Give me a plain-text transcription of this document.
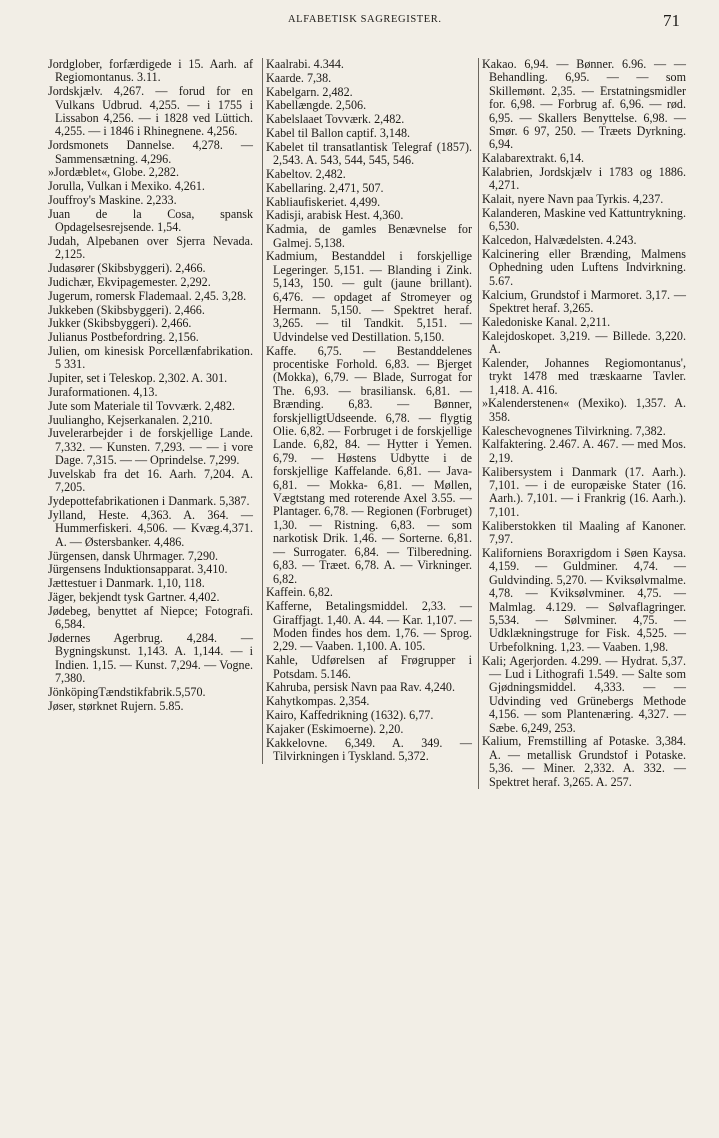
ALFABETISK SAGREGISTER.	71

Jordglober, forfærdigede i 15. Aarh. af Regiomontanus. 3.11.

Jordskjælv. 4,267. — forud for en Vulkans Udbrud. 4,255. — i 1755 i Lissabon 4,256. — i 1828 ved Lüttich. 4,255. — i 1846 i Rhinegnene. 4,256.

Jordsmonets Dannelse. 4,278. — Sammensætning. 4,296.

»Jordæblet«, Globe. 2,282.

Jorulla, Vulkan i Mexiko. 4,261.

Jouffroy's Maskine. 2,233.

Juan de la Cosa, spansk Opdagelsesrejsende. 1,54.

Judah, Alpebanen over Sjerra Nevada. 2,125.

Judasører (Skibsbyggeri). 2,466.

Judichær, Ekvipagemester. 2,292.

Jugerum, romersk Flademaal. 2,45. 3,28.

Jukkeben (Skibsbyggeri). 2,466.

Jukker (Skibsbyggeri). 2,466.

Julianus Postbefordring. 2,156.

Julien, om kinesisk Porcellænfabrikation. 5 331.

Jupiter, set i Teleskop. 2,302. A. 301.

Juraformationen. 4,13.

Jute som Materiale til Tovværk. 2,482.

Juuliangho, Kejserkanalen. 2,210.

Juvelerarbejder i de forskjellige Lande. 7,332. — Kunsten. 7,293. — — i vore Dage. 7,315. — — Oprindelse. 7,299.

Juvelskab fra det 16. Aarh. 7,204. A. 7,205.

Jydepottefabrikationen i Danmark. 5,387.

Jylland, Heste. 4,363. A. 364. — Hummerfiskeri. 4,506. — Kvæg.4,371. A. — Østersbanker. 4,486.

Jürgensen, dansk Uhrmager. 7,290.

Jürgensens Induktionsapparat. 3,410.

Jættestuer i Danmark. 1,10, 118.

Jäger, bekjendt tysk Gartner. 4,402.

Jødebeg, benyttet af Niepce; Fotografi. 6,584.

Jødernes Agerbrug. 4,284. — Bygningskunst. 1,143. A. 1,144. — i Indien. 1,15. — Kunst. 7,294. — Vogne. 7,380.

JönköpingTændstikfabrik.5,570.

Jøser, størknet Rujern. 5.85.

Kaalrabi. 4.344.

Kaarde. 7,38.

Kabelgarn. 2,482.

Kabellængde. 2,506.

Kabelslaaet Tovværk. 2,482.

Kabel til Ballon captif. 3,148.

Kabelet til transatlantisk Telegraf (1857). 2,543. A. 543, 544, 545, 546.

Kabeltov. 2,482.

Kabellaring. 2,471, 507.

Kabliaufiskeriet. 4,499.

Kadisji, arabisk Hest. 4,360.

Kadmia, de gamles Benævnelse for Galmej. 5,138.

Kadmium, Bestanddel i forskjellige Legeringer. 5,151. — Blanding i Zink. 5,143, 150. — gult (jaune brillant). 6,476. — opdaget af Stromeyer og Hermann. 5,150. — Spektret heraf. 3,265. — til Tandkit. 5,151. — Udvindelse ved Destillation. 5,150.

Kaffe. 6,75. — Bestanddelenes procentiske Forhold. 6,83. — Bjerget (Mokka), 6,79. — Blade, Surrogat for The. 6,93. — brasiliansk. 6,81. — Brænding. 6,83. — Bønner, forskjelligtUdseende. 6,78. — flygtig Olie. 6,82. — Forbruget i de forskjellige Lande. 6,82, 84. — Hytter i Yemen. 6,79. — Høstens Udbytte i de forskjellige Kaffelande. 6,81. — Java- 6,81. — Mokka- 6,81. — Møllen, Vægtstang med roterende Axel 3.55. — Plantager. 6,78. — Regionen (Forbruget) 1,30. — Ristning. 6,83. — som narkotisk Drik. 1,46. — Sorterne. 6,81. — Surrogater. 6,84. — Tilberedning. 6,83. — Træet. 6,78. A. — Virkninger. 6,82.

Kaffein. 6,82.

Kafferne, Betalingsmiddel. 2,33. — Giraffjagt. 1,40. A. 44. — Kar. 1,107. — Moden findes hos dem. 1,76. — Sprog. 2,29. — Vaaben. 1,100. A. 105.

Kahle, Udførelsen af Frøgrupper i Potsdam. 5.146.

Kahruba, persisk Navn paa Rav. 4,240.

Kahytkompas. 2,354.

Kairo, Kaffedrikning (1632). 6,77.

Kajaker (Eskimoerne). 2,20.

Kakkelovne. 6,349. A. 349. — Tilvirkningen i Tyskland. 5,372.

Kakao. 6,94. — Bønner. 6.96. — — Behandling. 6,95. — — som Skillemønt. 2,35. — Erstatningsmidler for. 6,98. — Forbrug af. 6,96. — rød. 6,95. — Skallers Benyttelse. 6,98. — Smør. 6 97, 250. — Træets Dyrkning. 6,94.

Kalabarextrakt. 6,14.

Kalabrien, Jordskjælv i 1783 og 1886. 4,271.

Kalait, nyere Navn paa Tyrkis. 4,237.

Kalanderen, Maskine ved Kattuntrykning. 6,530.

Kalcedon, Halvædelsten. 4.243.

Kalcinering eller Brænding, Malmens Ophedning uden Luftens Indvirkning. 5.67.

Kalcium, Grundstof i Marmoret. 3,17. — Spektret heraf. 3,265.

Kaledoniske Kanal. 2,211.

Kalejdoskopet. 3,219. — Billede. 3,220. A.

Kalender, Johannes Regiomontanus', trykt 1478 med træskaarne Tavler. 1,418. A. 416.

»Kalenderstenen« (Mexiko). 1,357. A. 358.

Kaleschevognenes Tilvirkning. 7,382.

Kalfaktering. 2.467. A. 467. — med Mos. 2,19.

Kalibersystem i Danmark (17. Aarh.). 7,101. — i de europæiske Stater (16. Aarh.). 7,101. — i Frankrig (16. Aarh.). 7,101.

Kaliberstokken til Maaling af Kanoner. 7,97.

Kaliforniens Boraxrigdom i Søen Kaysa. 4,159. — Guldminer. 4,74. — Guldvinding. 5,270. — Kviksølvmalme. 4,78. — Kviksølvminer. 4,75. — Malmlag. 4.129. — Sølvaflagringer. 5,534. — Sølvminer. 4,75. — Udklækningstruge for Fisk. 4,525. — Urbefolkning. 1,23. — Vaaben. 1,98.

Kali; Agerjorden. 4.299. — Hydrat. 5,37. — Lud i Lithografi 1.549. — Salte som Gjødningsmiddel. 4,333. — — Udvinding ved Grünebergs Methode 4,156. — som Plantenæring. 4,327. — Sæbe. 6,249, 253.

Kalium, Fremstilling af Potaske. 3,384. A. — metallisk Grundstof i Potaske. 5,36. — Miner. 2,332. A. 332. — Spektret heraf. 3,265. A. 257.
